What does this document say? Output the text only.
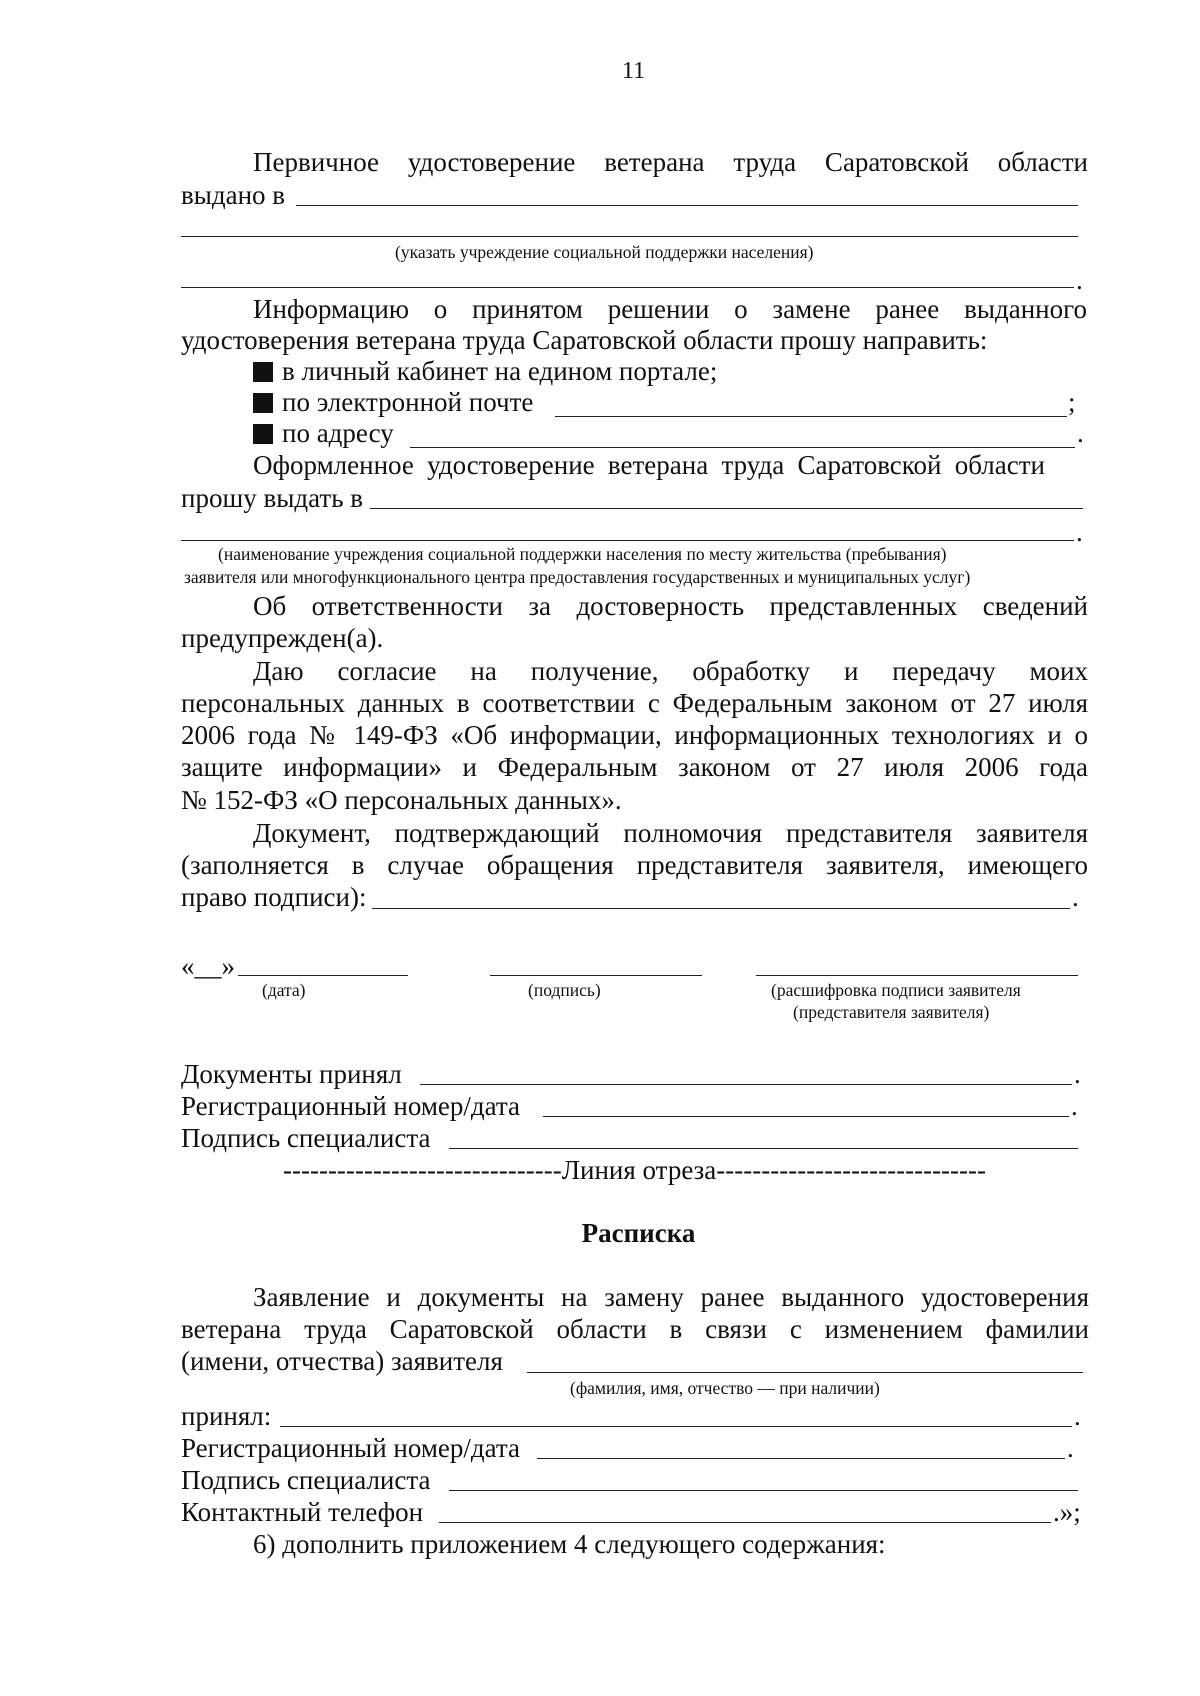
11
Первичное удостоверение ветерана труда Саратовской области
выдано в
(указать учреждение социальной поддержки населения)
.
Информацию о принятом решении о замене ранее выданного
удостоверения ветерана труда Саратовской области прошу направить:
в личный кабинет на едином портале;
по электронной почте	;
по адресу	.
Оформленное удостоверение ветерана труда Саратовской области
прошу выдать в
.
(наименование учреждения социальной поддержки населения по месту жительства (пребывания)
заявителя или многофункционального центра предоставления государственных и муниципальных услуг)
Об ответственности за достоверность представленных сведений
предупрежден(а).
Даю согласие на получение, обработку и передачу моих
персональных данных в соответствии с Федеральным законом от 27 июля
2006 года № 149-ФЗ «Об информации, информационных технологиях и о
защите информации» и Федеральным законом от 27 июля 2006 года
№ 152-ФЗ «О персональных данных».
Документ, подтверждающий полномочия представителя заявителя
(заполняется в случае обращения представителя заявителя, имеющего
право подписи):	.
«__»
(дата)	(подпись)	(расшифровка подписи заявителя
(представителя заявителя)
Документы принял	.
Регистрационный номер/дата	.
Подпись специалиста
-------------------------------Линия отреза------------------------------
Расписка
Заявление и документы на замену ранее выданного удостоверения
ветерана труда Саратовской области в связи с изменением фамилии
(имени, отчества) заявителя
(фамилия, имя, отчество — при наличии)
принял:	.
Регистрационный номер/дата	.
Подпись специалиста
Контактный телефон	.»;
6) дополнить приложением 4 следующего содержания:
